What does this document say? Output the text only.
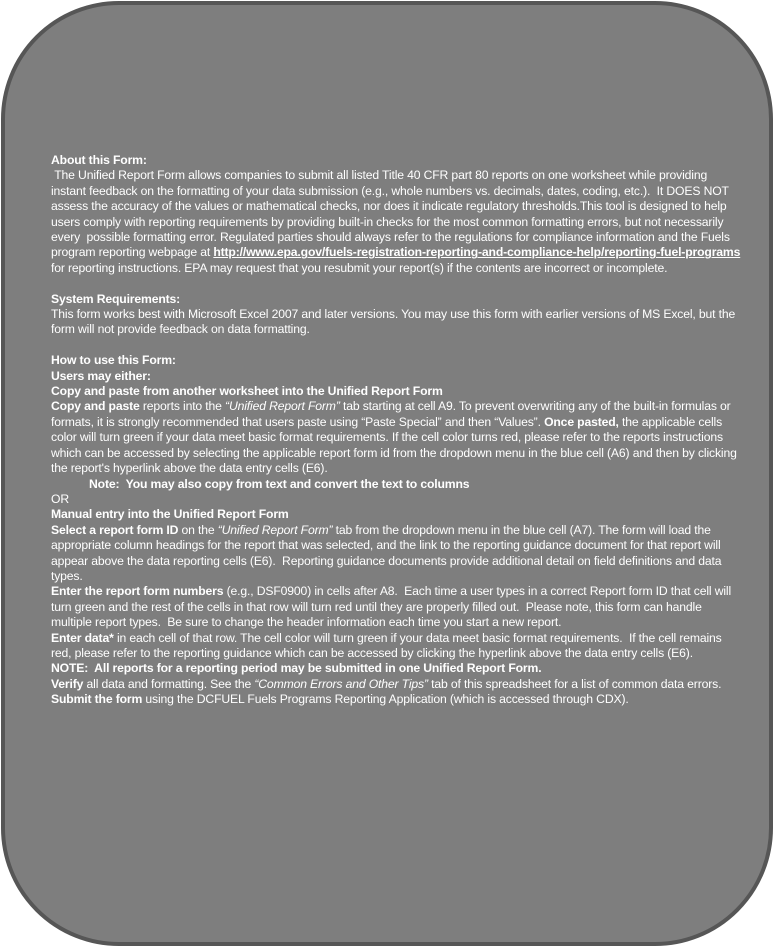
About this Form:
The Unified Report Form allows companies to submit all listed Title 40 CFR part 80 reports on one worksheet while providing instant feedback on the formatting of your data submission (e.g., whole numbers vs. decimals, dates, coding, etc.).  It DOES NOT assess the accuracy of the values or mathematical checks, nor does it indicate regulatory thresholds.This tool is designed to help users comply with reporting requirements by providing built-in checks for the most common formatting errors, but not necessarily every  possible formatting error. Regulated parties should always refer to the regulations for compliance information and the Fuels program reporting webpage at http://www.epa.gov/fuels-registration-reporting-and-compliance-help/reporting-fuel-programs for reporting instructions. EPA may request that you resubmit your report(s) if the contents are incorrect or incomplete.
System Requirements:
This form works best with Microsoft Excel 2007 and later versions. You may use this form with earlier versions of MS Excel, but the form will not provide feedback on data formatting.
How to use this Form:
Users may either:
Copy and paste from another worksheet into the Unified Report Form
Copy and paste reports into the “Unified Report Form” tab starting at cell A9. To prevent overwriting any of the built-in formulas or formats, it is strongly recommended that users paste using “Paste Special” and then “Values”. Once pasted, the applicable cells color will turn green if your data meet basic format requirements. If the cell color turns red, please refer to the reports instructions which can be accessed by selecting the applicable report form id from the dropdown menu in the blue cell (A6) and then by clicking the report's hyperlink above the data entry cells (E6).
Note:  You may also copy from text and convert the text to columns
OR
Manual entry into the Unified Report Form
Select a report form ID on the “Unified Report Form” tab from the dropdown menu in the blue cell (A7). The form will load the appropriate column headings for the report that was selected, and the link to the reporting guidance document for that report will appear above the data reporting cells (E6).  Reporting guidance documents provide additional detail on field definitions and data types.
Enter the report form numbers (e.g., DSF0900) in cells after A8.  Each time a user types in a correct Report form ID that cell will turn green and the rest of the cells in that row will turn red until they are properly filled out.  Please note, this form can handle multiple report types.  Be sure to change the header information each time you start a new report.
Enter data* in each cell of that row. The cell color will turn green if your data meet basic format requirements.  If the cell remains red, please refer to the reporting guidance which can be accessed by clicking the hyperlink above the data entry cells (E6).
NOTE:  All reports for a reporting period may be submitted in one Unified Report Form.
Verify all data and formatting. See the “Common Errors and Other Tips” tab of this spreadsheet for a list of common data errors.
Submit the form using the DCFUEL Fuels Programs Reporting Application (which is accessed through CDX).
